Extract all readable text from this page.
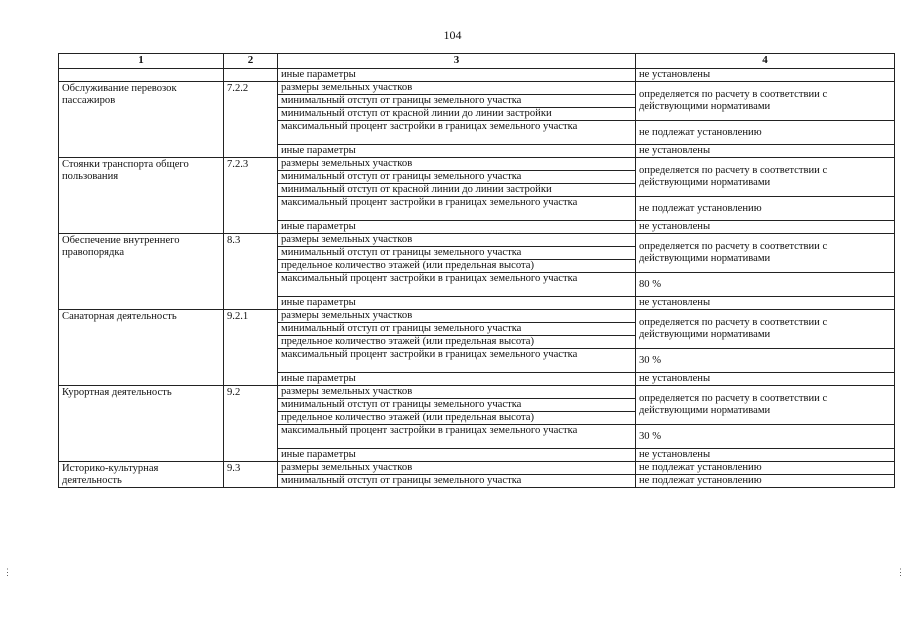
104
1	2	3	4
		иные параметры	не установлены
Обслуживание перевозок пассажиров	7.2.2	размеры земельных участков	определяется по расчету в соответствии с действующими нормативами
		минимальный отступ от границы земельного участка	
		минимальный отступ от красной линии до линии застройки	
		максимальный процент застройки в границах земельного участка	не подлежат установлению
		иные параметры	не установлены
Стоянки транспорта общего пользования	7.2.3	размеры земельных участков	определяется по расчету в соответствии с действующими нормативами
		минимальный отступ от границы земельного участка	
		минимальный отступ от красной линии до линии застройки	
		максимальный процент застройки в границах земельного участка	не подлежат установлению
		иные параметры	не установлены
Обеспечение внутреннего правопорядка	8.3	размеры земельных участков	определяется по расчету в соответствии с действующими нормативами
		минимальный отступ от границы земельного участка	
		предельное количество этажей (или предельная высота)	
		максимальный процент застройки в границах земельного участка	80 %
		иные параметры	не установлены
Санаторная деятельность	9.2.1	размеры земельных участков	определяется по расчету в соответствии с действующими нормативами
		минимальный отступ от границы земельного участка	
		предельное количество этажей (или предельная высота)	
		максимальный процент застройки в границах земельного участка	30 %
		иные параметры	не установлены
Курортная деятельность	9.2	размеры земельных участков	определяется по расчету в соответствии с действующими нормативами
		минимальный отступ от границы земельного участка	
		предельное количество этажей (или предельная высота)	
		максимальный процент застройки в границах земельного участка	30 %
		иные параметры	не установлены
Историко-культурная деятельность	9.3	размеры земельных участков	не подлежат установлению
		минимальный отступ от границы земельного участка	не подлежат установлению
⋮	⋮
